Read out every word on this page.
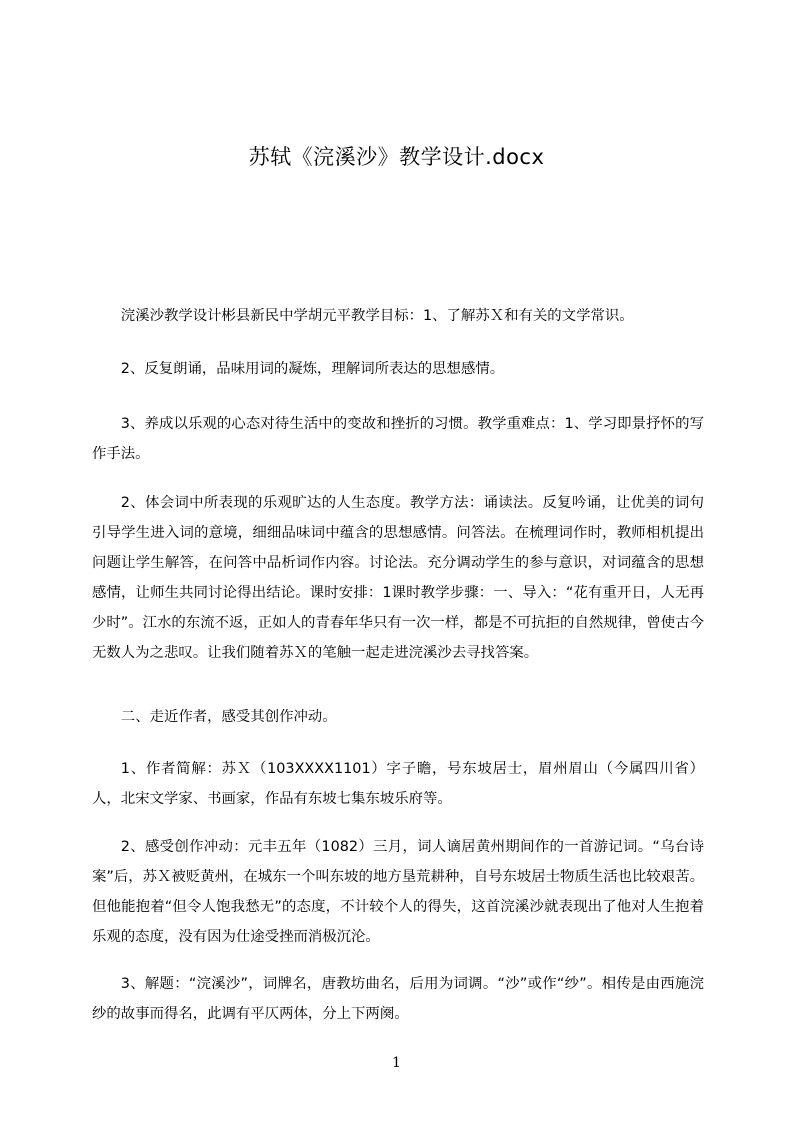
苏轼《浣溪沙》教学设计.docx

浣溪沙教学设计彬县新民中学胡元平教学目标：1、了解苏Ｘ和有关的文学常识。

2、反复朗诵，品味用词的凝炼，理解词所表达的思想感情。

3、养成以乐观的心态对待生活中的变故和挫折的习惯。教学重难点：1、学习即景抒怀的写作手法。

2、体会词中所表现的乐观旷达的人生态度。教学方法：诵读法。反复吟诵，让优美的词句引导学生进入词的意境，细细品味词中蕴含的思想感情。问答法。在梳理词作时，教师相机提出问题让学生解答，在问答中品析词作内容。讨论法。充分调动学生的参与意识，对词蕴含的思想感情，让师生共同讨论得出结论。课时安排：1课时教学步骤：一、导入：“花有重开日，人无再少时”。江水的东流不返，正如人的青春年华只有一次一样，都是不可抗拒的自然规律，曾使古今无数人为之悲叹。让我们随着苏Ｘ的笔触一起走进浣溪沙去寻找答案。

二、走近作者，感受其创作冲动。

1、作者简解：苏Ｘ（103XXXX1101）字子瞻，号东坡居士，眉州眉山（今属四川省）人，北宋文学家、书画家，作品有东坡七集东坡乐府等。

2、感受创作冲动：元丰五年（1082）三月，词人谪居黄州期间作的一首游记词。“乌台诗案”后，苏Ｘ被贬黄州，在城东一个叫东坡的地方垦荒耕种，自号东坡居士物质生活也比较艰苦。但他能抱着“但令人饱我愁无”的态度，不计较个人的得失，这首浣溪沙就表现出了他对人生抱着乐观的态度，没有因为仕途受挫而消极沉沦。

3、解题：“浣溪沙”，词牌名，唐教坊曲名，后用为词调。“沙”或作“纱”。相传是由西施浣纱的故事而得名，此调有平仄两体，分上下两阕。

1
